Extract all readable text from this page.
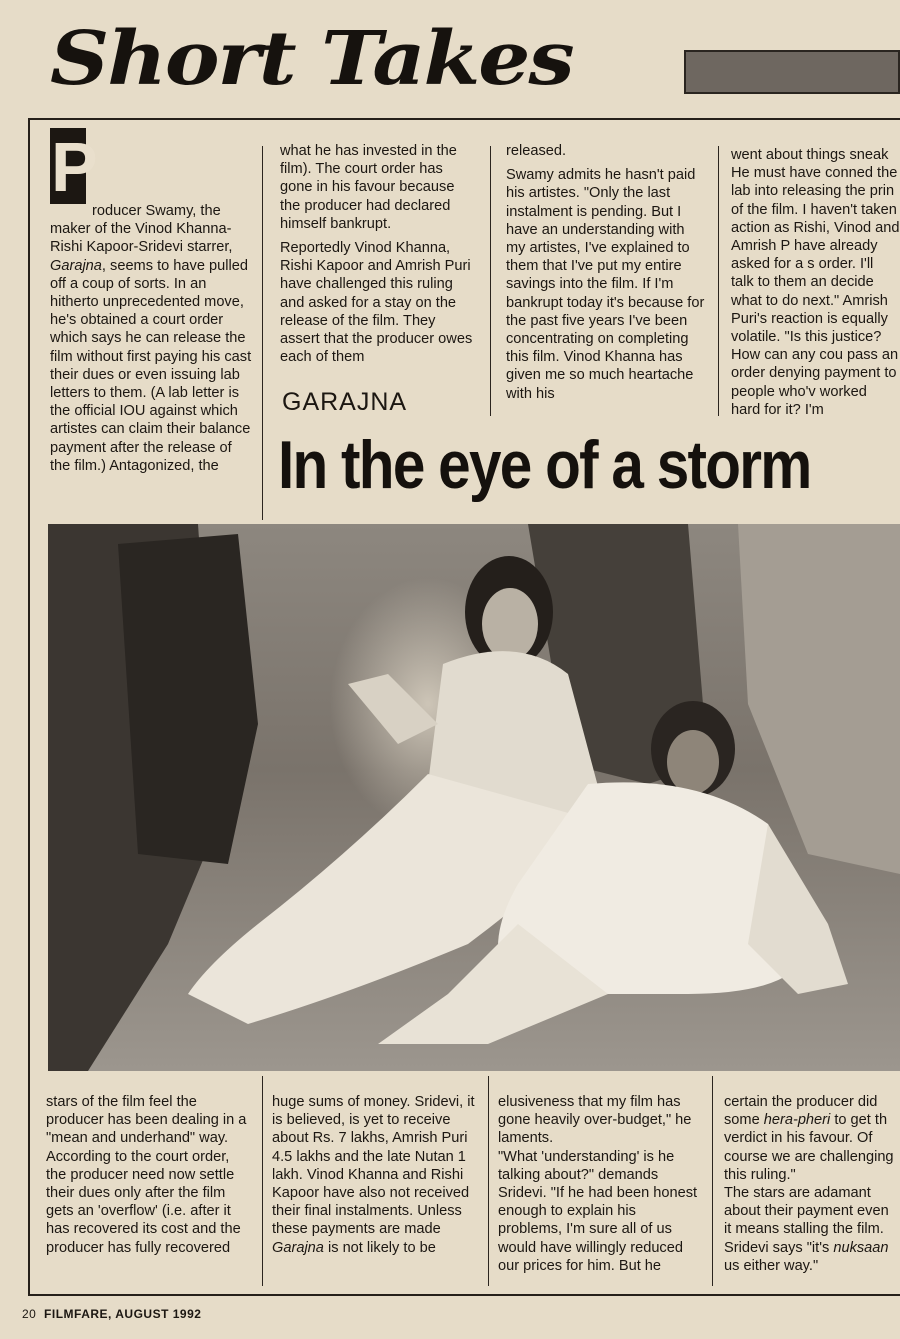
Short Takes
P

roducer Swamy, the maker of the Vinod Khanna-Rishi Kapoor-Sridevi starrer, Garajna, seems to have pulled off a coup of sorts. In an hitherto unprecedented move, he's obtained a court order which says he can release the film without first paying his cast their dues or even issuing lab letters to them. (A lab letter is the official IOU against which artistes can claim their balance payment after the release of the film.) Antagonized, the

what he has invested in the film). The court order has gone in his favour because the producer had declared himself bankrupt.

Reportedly Vinod Khanna, Rishi Kapoor and Amrish Puri have challenged this ruling and asked for a stay on the release of the film. They assert that the producer owes each of them

released.

Swamy admits he hasn't paid his artistes. "Only the last instalment is pending. But I have an understanding with my artistes, I've explained to them that I've put my entire savings into the film. If I'm bankrupt today it's because for the past five years I've been concentrating on completing this film. Vinod Khanna has given me so much heartache with his

went about things sneak He must have conned the lab into releasing the prin of the film. I haven't taken action as Rishi, Vinod and Amrish P have already asked for a s order. I'll talk to them an decide what to do next." Amrish Puri's reaction is equally volatile. "Is this justice? How can any cou pass an order denying payment to people who'v worked hard for it? I'm

GARAJNA
In the eye of a storm

stars of the film feel the producer has been dealing in a "mean and underhand" way. According to the court order, the producer need now settle their dues only after the film gets an 'overflow' (i.e. after it has recovered its cost and the producer has fully recovered

huge sums of money. Sridevi, it is believed, is yet to receive about Rs. 7 lakhs, Amrish Puri 4.5 lakhs and the late Nutan 1 lakh. Vinod Khanna and Rishi Kapoor have also not received their final instalments. Unless these payments are made Garajna is not likely to be

elusiveness that my film has gone heavily over-budget," he laments.

"What 'understanding' is he talking about?" demands Sridevi. "If he had been honest enough to explain his problems, I'm sure all of us would have willingly reduced our prices for him. But he

certain the producer did some hera-pheri to get th verdict in his favour. Of course we are challenging this ruling."

The stars are adamant about their payment even it means stalling the film.

Sridevi says "it's nuksaan us either way."

20 FILMFARE, AUGUST 1992
